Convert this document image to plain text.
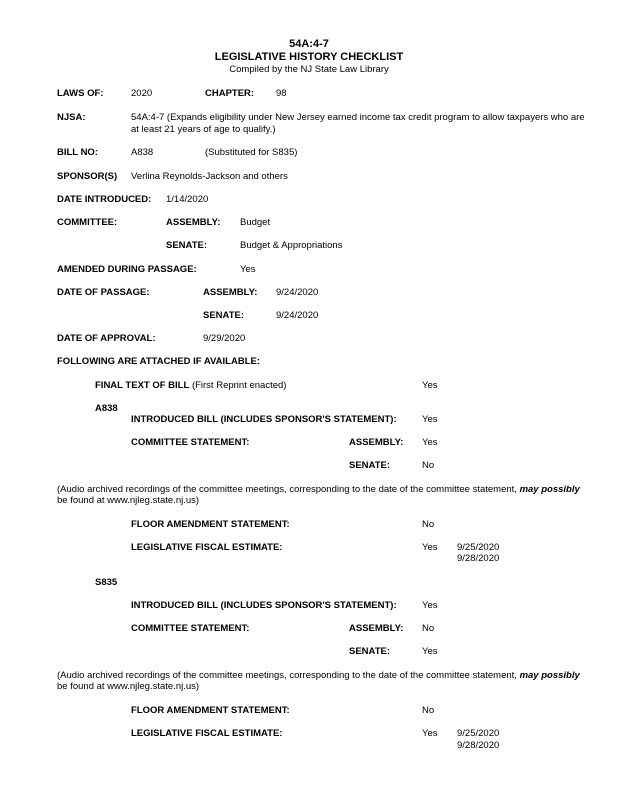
54A:4-7
LEGISLATIVE HISTORY CHECKLIST
Compiled by the NJ State Law Library
LAWS OF:	2020	CHAPTER: 98
NJSA:	54A:4-7 (Expands eligibility under New Jersey earned income tax credit program to allow taxpayers who are
at least 21 years of age to qualify.)
BILL NO:	A838	(Substituted for S835)
SPONSOR(S) Verlina Reynolds-Jackson and others
DATE INTRODUCED: 1/14/2020
COMMITTEE:	ASSEMBLY: Budget
SENATE:	Budget & Appropriations
AMENDED DURING PASSAGE:	Yes
DATE OF PASSAGE:	ASSEMBLY: 9/24/2020
SENATE:	9/24/2020
DATE OF APPROVAL:	9/29/2020
FOLLOWING ARE ATTACHED IF AVAILABLE:
FINAL TEXT OF BILL (First Reprint enacted)	Yes
A838
INTRODUCED BILL (INCLUDES SPONSOR'S STATEMENT):	Yes
COMMITTEE STATEMENT:	ASSEMBLY: Yes
SENATE:	No
(Audio archived recordings of the committee meetings, corresponding to the date of the committee statement, may possibly
be found at www.njleg.state.nj.us)
FLOOR AMENDMENT STATEMENT:	No
LEGISLATIVE FISCAL ESTIMATE:	Yes 9/25/2020
9/28/2020
S835
INTRODUCED BILL (INCLUDES SPONSOR'S STATEMENT):	Yes
COMMITTEE STATEMENT:	ASSEMBLY: No
SENATE:	Yes
(Audio archived recordings of the committee meetings, corresponding to the date of the committee statement, may possibly
be found at www.njleg.state.nj.us)
FLOOR AMENDMENT STATEMENT:	No
LEGISLATIVE FISCAL ESTIMATE:	Yes 9/25/2020
9/28/2020
